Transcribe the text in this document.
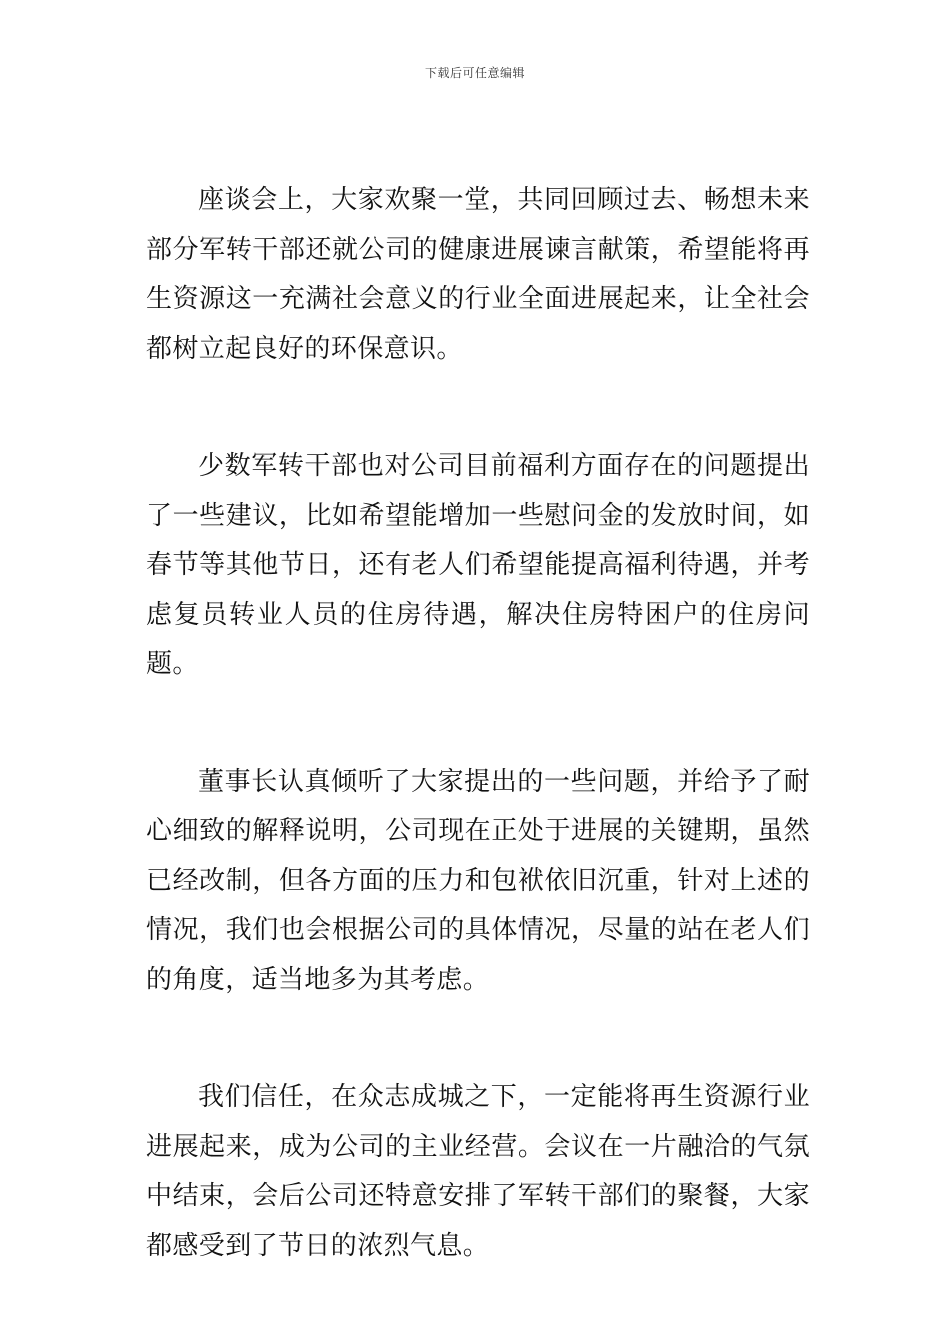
下载后可任意编辑

座谈会上，大家欢聚一堂，共同回顾过去、畅想未来部分军转干部还就公司的健康进展谏言献策，希望能将再生资源这一充满社会意义的行业全面进展起来，让全社会都树立起良好的环保意识。

少数军转干部也对公司目前福利方面存在的问题提出了一些建议，比如希望能增加一些慰问金的发放时间，如春节等其他节日，还有老人们希望能提高福利待遇，并考虑复员转业人员的住房待遇，解决住房特困户的住房问题。

董事长认真倾听了大家提出的一些问题，并给予了耐心细致的解释说明，公司现在正处于进展的关键期，虽然已经改制，但各方面的压力和包袱依旧沉重，针对上述的情况，我们也会根据公司的具体情况，尽量的站在老人们的角度，适当地多为其考虑。

我们信任，在众志成城之下，一定能将再生资源行业进展起来，成为公司的主业经营。会议在一片融洽的气氛中结束，会后公司还特意安排了军转干部们的聚餐，大家都感受到了节日的浓烈气息。
